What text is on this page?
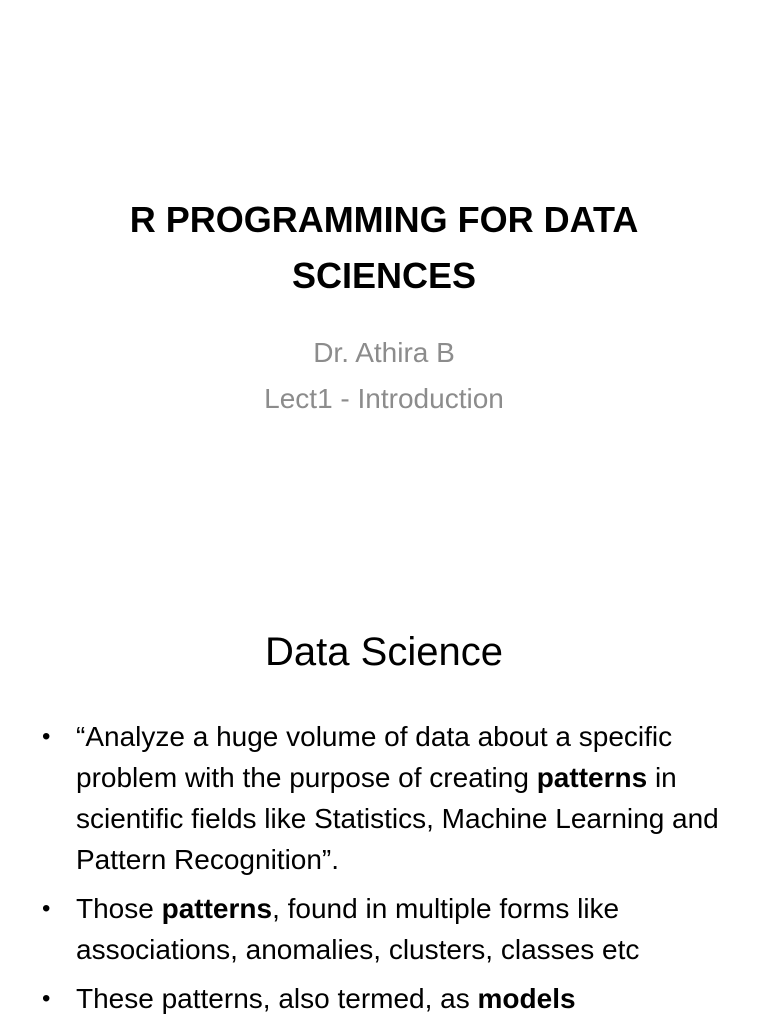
R PROGRAMMING FOR DATA
SCIENCES
Dr. Athira B
Lect1 - Introduction
Data Science
• “Analyze a huge volume of data about a specific problem with the purpose of creating patterns in scientific fields like Statistics, Machine Learning and Pattern Recognition”.
• Those patterns, found in multiple forms like associations, anomalies, clusters, classes etc
• These patterns, also termed, as models
